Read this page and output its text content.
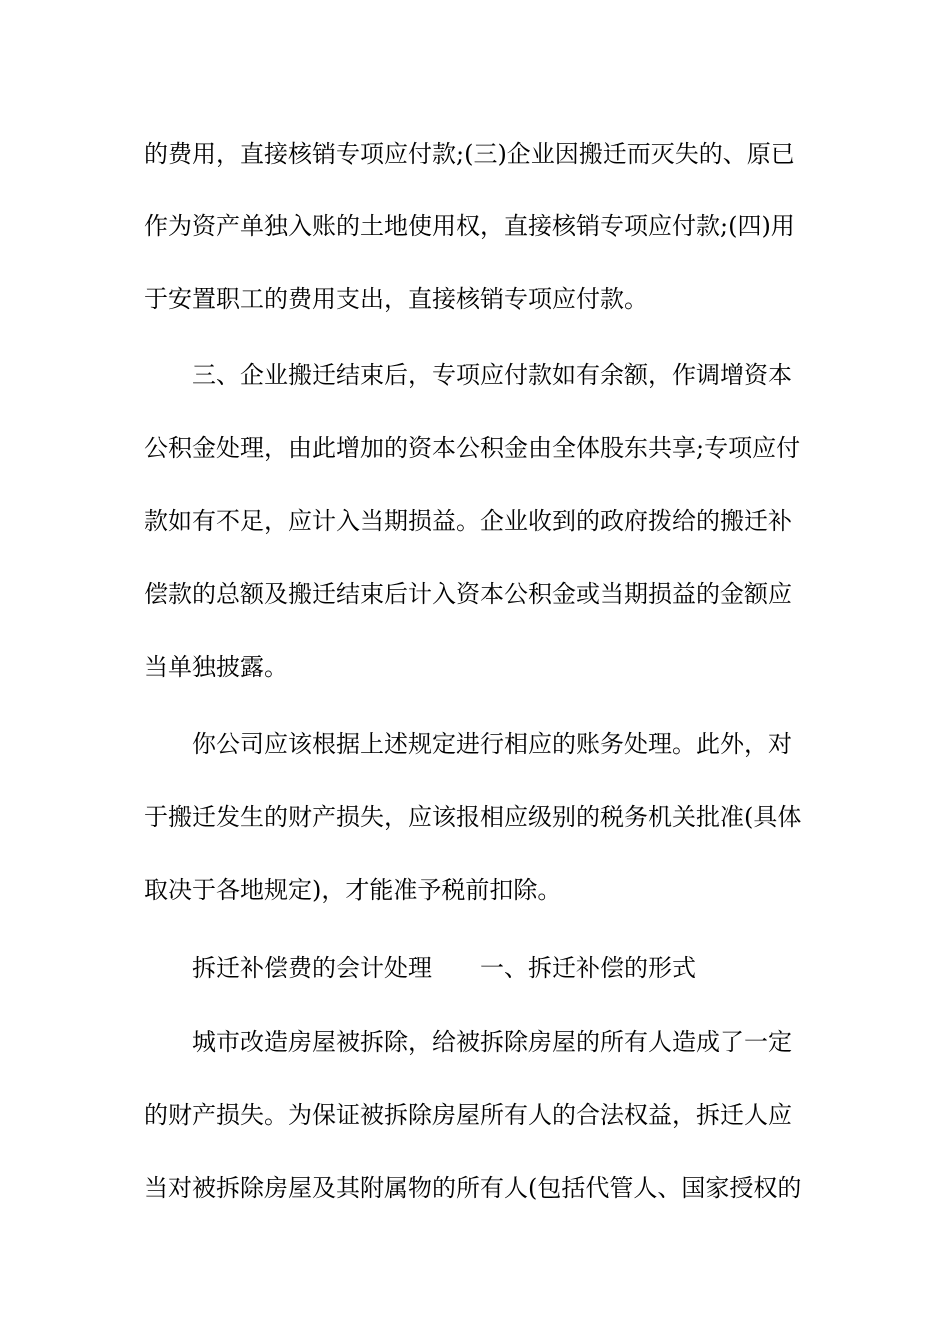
的费用，直接核销专项应付款;(三)企业因搬迁而灭失的、原已

作为资产单独入账的土地使用权，直接核销专项应付款;(四)用

于安置职工的费用支出，直接核销专项应付款。

三、企业搬迁结束后，专项应付款如有余额，作调增资本

公积金处理，由此增加的资本公积金由全体股东共享;专项应付

款如有不足，应计入当期损益。企业收到的政府拨给的搬迁补

偿款的总额及搬迁结束后计入资本公积金或当期损益的金额应

当单独披露。

你公司应该根据上述规定进行相应的账务处理。此外，对

于搬迁发生的财产损失，应该报相应级别的税务机关批准(具体

取决于各地规定)，才能准予税前扣除。

拆迁补偿费的会计处理 一、拆迁补偿的形式

城市改造房屋被拆除，给被拆除房屋的所有人造成了一定

的财产损失。为保证被拆除房屋所有人的合法权益，拆迁人应

当对被拆除房屋及其附属物的所有人(包括代管人、国家授权的
